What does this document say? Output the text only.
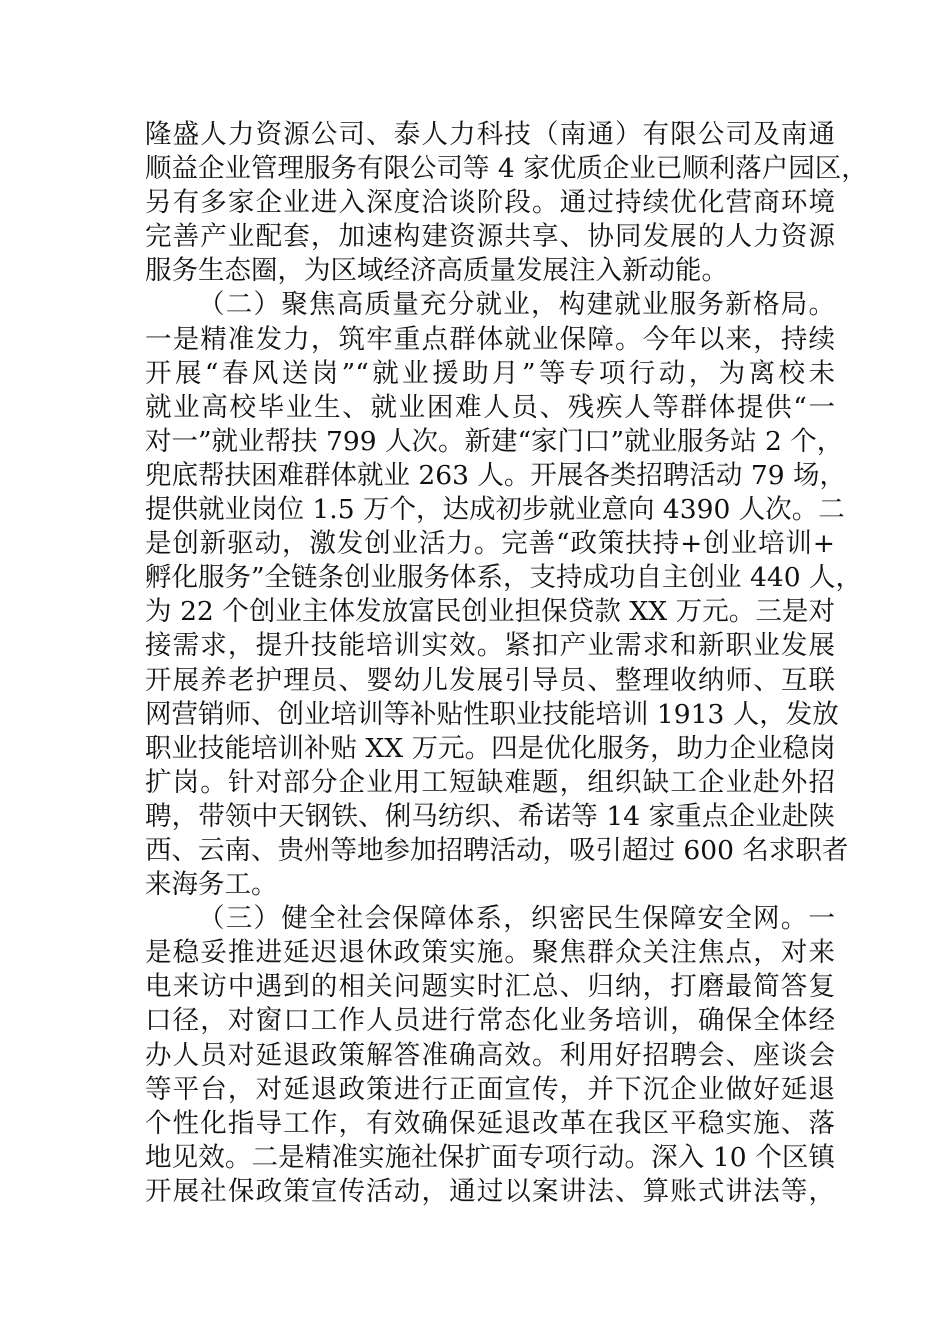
隆盛人力资源公司、泰人力科技（南通）有限公司及南通
顺益企业管理服务有限公司等 4 家优质企业已顺利落户园区，
另有多家企业进入深度洽谈阶段。通过持续优化营商环境
完善产业配套，加速构建资源共享、协同发展的人力资源
服务生态圈，为区域经济高质量发展注入新动能。
（二）聚焦高质量充分就业，构建就业服务新格局。
一是精准发力，筑牢重点群体就业保障。今年以来，持续
开展“春风送岗”“就业援助月”等专项行动，为离校未
就业高校毕业生、就业困难人员、残疾人等群体提供“一
对一”就业帮扶 799 人次。新建“家门口”就业服务站 2 个，
兜底帮扶困难群体就业 263 人。开展各类招聘活动 79 场，
提供就业岗位 1.5 万个，达成初步就业意向 4390 人次。二
是创新驱动，激发创业活力。完善“政策扶持+创业培训+
孵化服务”全链条创业服务体系，支持成功自主创业 440 人，
为 22 个创业主体发放富民创业担保贷款 XX 万元。三是对
接需求，提升技能培训实效。紧扣产业需求和新职业发展
开展养老护理员、婴幼儿发展引导员、整理收纳师、互联
网营销师、创业培训等补贴性职业技能培训 1913 人，发放
职业技能培训补贴 XX 万元。四是优化服务，助力企业稳岗
扩岗。针对部分企业用工短缺难题，组织缺工企业赴外招
聘，带领中天钢铁、俐马纺织、希诺等 14 家重点企业赴陕
西、云南、贵州等地参加招聘活动，吸引超过 600 名求职者
来海务工。
（三）健全社会保障体系，织密民生保障安全网。一
是稳妥推进延迟退休政策实施。聚焦群众关注焦点，对来
电来访中遇到的相关问题实时汇总、归纳，打磨最简答复
口径，对窗口工作人员进行常态化业务培训，确保全体经
办人员对延退政策解答准确高效。利用好招聘会、座谈会
等平台，对延退政策进行正面宣传，并下沉企业做好延退
个性化指导工作，有效确保延退改革在我区平稳实施、落
地见效。二是精准实施社保扩面专项行动。深入 10 个区镇
开展社保政策宣传活动，通过以案讲法、算账式讲法等，
